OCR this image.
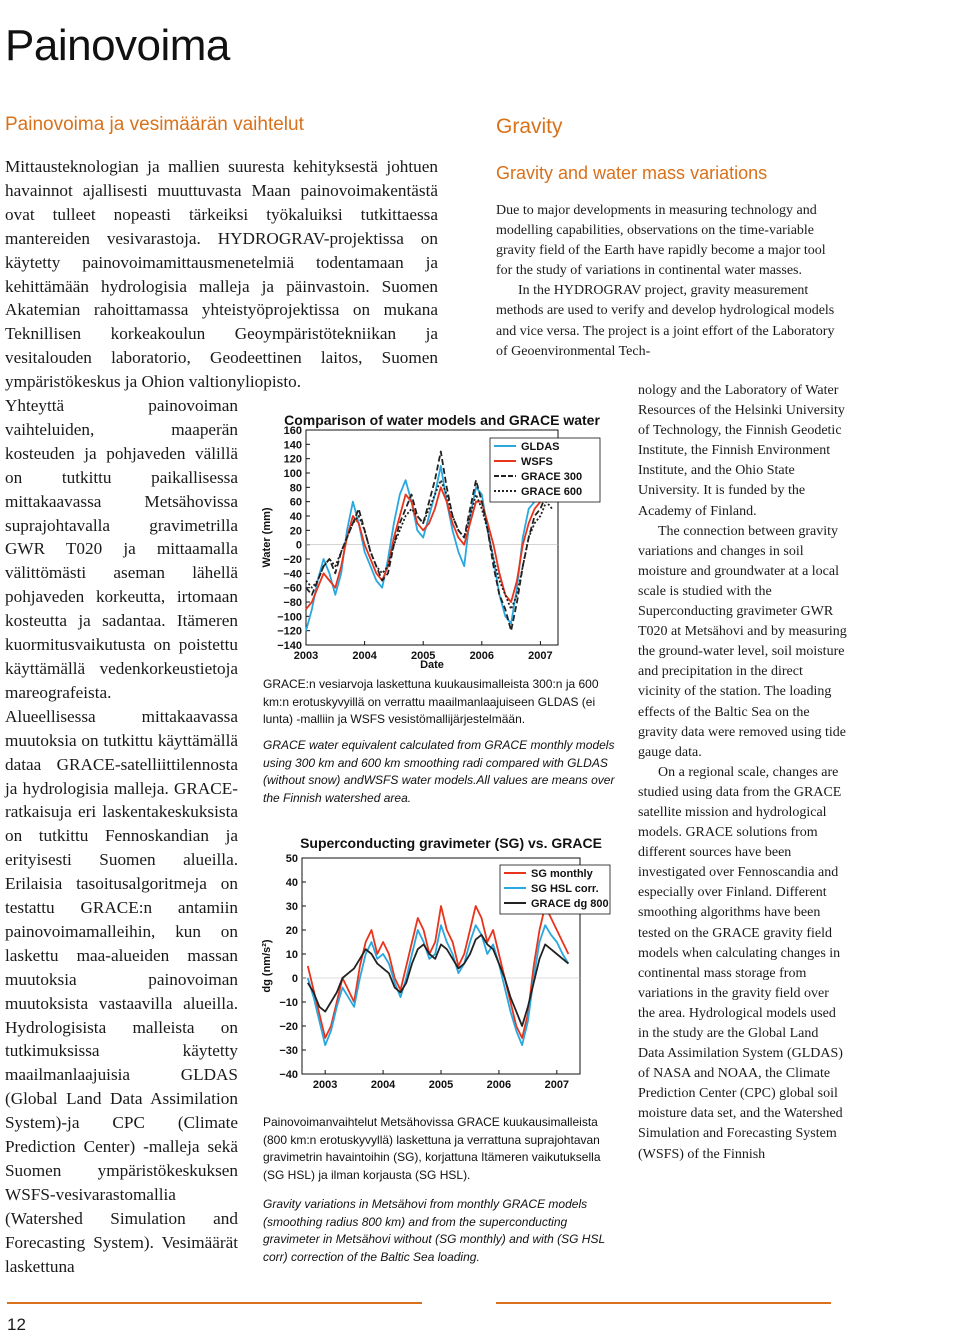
Painovoima
Painovoima ja vesimäärän vaihtelut

Mittausteknologian ja mallien suuresta kehityksestä johtuen havainnot ajallisesti muuttuvasta Maan painovoimakentästä ovat tulleet nopeasti tärkeiksi työkaluiksi tutkittaessa mantereiden vesivarastoja. HYDROGRAV-projektissa on käytetty painovoimamittausmenetelmiä todentamaan ja kehittämään hydrologisia malleja ja päinvastoin. Suomen Akatemian rahoittamassa yhteistyöprojektissa on mukana Teknillisen korkeakoulun Geoympäristötekniikan ja vesitalouden laboratorio, Geodeettinen laitos, Suomen ympäristökeskus ja Ohion valtionyliopisto.

Yhteyttä painovoiman vaihteluiden, maaperän kosteuden ja pohjaveden välillä on tutkittu paikallisessa mittakaavassa Metsähovissa suprajohtavalla gravimetrilla GWR T020 ja mittaamalla välittömästi aseman lähellä pohjaveden korkeutta, irtomaan kosteutta ja sadantaa. Itämeren kuormitusvaikutusta on poistettu käyttämällä vedenkorkeustietoja mareografeista.

Alueellisessa mittakaavassa muutoksia on tutkittu käyttämällä dataa GRACE-satelliittilennosta ja hydrologisia malleja. GRACE-ratkaisuja eri laskentakeskuksista on tutkittu Fennoskandian ja erityisesti Suomen alueilla. Erilaisia tasoitusalgoritmeja on testattu GRACE:n antamiin painovoimamalleihin, kun on laskettu maa-alueiden massan muutoksia painovoiman muutoksista vastaavilla alueilla. Hydrologisista malleista on tutkimuksissa käytetty maailmanlaajuisia GLDAS (Global Land Data Assimilation System)-ja CPC (Climate Prediction Center) -malleja sekä Suomen ympäristökeskuksen WSFS-vesivarastomallia (Watershed Simulation and Forecasting System). Vesimäärät laskettuna

Gravity
Gravity and water mass variations

Due to major developments in measuring technology and modelling capabilities, observations on the time-variable gravity field of the Earth have rapidly become a major tool for the study of variations in continental water masses.

In the HYDROGRAV project, gravity measurement methods are used to verify and develop hydrological models and vice versa. The project is a joint effort of the Laboratory of Geoenvironmental Tech-

nology and the Laboratory of Water Resources of the Helsinki University of Technology, the Finnish Geodetic Institute, the Finnish Environment Institute, and the Ohio State University. It is funded by the Academy of Finland.

The connection between gravity variations and changes in soil moisture and groundwater at a local scale is studied with the Superconducting gravimeter GWR T020 at Metsähovi and by measuring the ground-water level, soil moisture and precipitation in the direct vicinity of the station. The loading effects of the Baltic Sea on the gravity data were removed using tide gauge data.

On a regional scale, changes are studied using data from the GRACE satellite mission and hydrological models. GRACE solutions from different sources have been investigated over Fennoscandia and especially over Finland. Different smoothing algorithms have been tested on the GRACE gravity field models when calculating changes in continental mass storage from variations in the gravity field over the area. Hydrological models used in the study are the Global Land Data Assimilation System (GLDAS) of NASA and NOAA, the Climate Prediction Center (CPC) global soil moisture data set, and the Watershed Simulation and Forecasting System (WSFS) of the Finnish

Comparison of water models and GRACE water
160
140
120
100
80
60
40
20
0
−20
−40
−60
−80
−100
−120
−140
2003	2004	2005	2006	2007
Date
Water (mm)
GLDAS
WSFS
GRACE 300
GRACE 600

GRACE:n vesiarvoja laskettuna kuukausimalleista 300:n ja 600 km:n erotuskyvyillä on verrattu maailmanlaajuiseen GLDAS (ei lunta) -malliin ja WSFS vesistömallijärjestelmään.

GRACE water equivalent calculated from GRACE monthly models using 300 km and 600 km smoothing radi compared with GLDAS (without snow) andWSFS water models.All values are means over the Finnish watershed area.

Superconducting gravimeter (SG) vs. GRACE
50
40
30
20
10
0
−10
−20
−30
−40
2003	2004	2005	2006	2007
dg (nm/s²)
SG monthly
SG HSL corr.
GRACE dg 800

Painovoimanvaihtelut Metsähovissa GRACE kuukausimalleista (800 km:n erotuskyvyllä) laskettuna ja verrattuna suprajohtavan gravimetrin havaintoihin (SG), korjattuna Itämeren vaikutuksella (SG HSL) ja ilman korjausta (SG HSL).

Gravity variations in Metsähovi from monthly GRACE models (smoothing radius 800 km) and from the superconducting gravimeter in Metsähovi without (SG monthly) and with (SG HSL corr) correction of the Baltic Sea loading.

12
